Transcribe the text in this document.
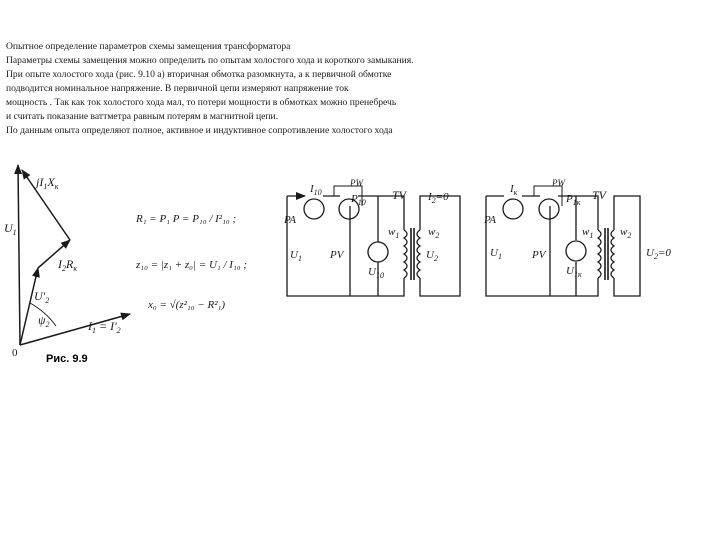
Опытное определение параметров схемы замещения трансформатора
Параметры схемы замещения можно определить по опытам холостого хода и короткого замыкания.
При опыте холостого хода (рис. 9.10 а) вторичная обмотка разомкнута, а к первичной обмотке
подводится номинальное напряжение. В первичной цепи измеряют напряжение ток
мощность . Так как ток холостого хода мал, то потери мощности в обмотках можно пренебречь
и считать показание ваттметра равным потерям в магнитной цепи.
По данным опыта определяют полное, активное и индуктивное сопротивление холостого хода
$jI_1X_к$
$U_1$
$I_2R_к$
$U'_2$
$\psi_2$	$I_1 = I'_2$
0	Рис. 9.9
R₁ = P₁ P = P₁₀ / I²₁₀ ;
z₁₀ = |z₁ + z₀| = U₁ / I₁₀ ;
x₀ = √(z²₁₀ − R²₁)
$I_{10}$
PW
$P_{10}$
TV $I_2=0$
PA
$w_1$	$w_2$
$U_1$	PV
$U_{10}$
$U_2$
$I_к$
PW
$P_{1к}$
TV
PA
$w_1$ $w_2$
$U_1$	PV
$U_{1к}$
$U_2=0$
